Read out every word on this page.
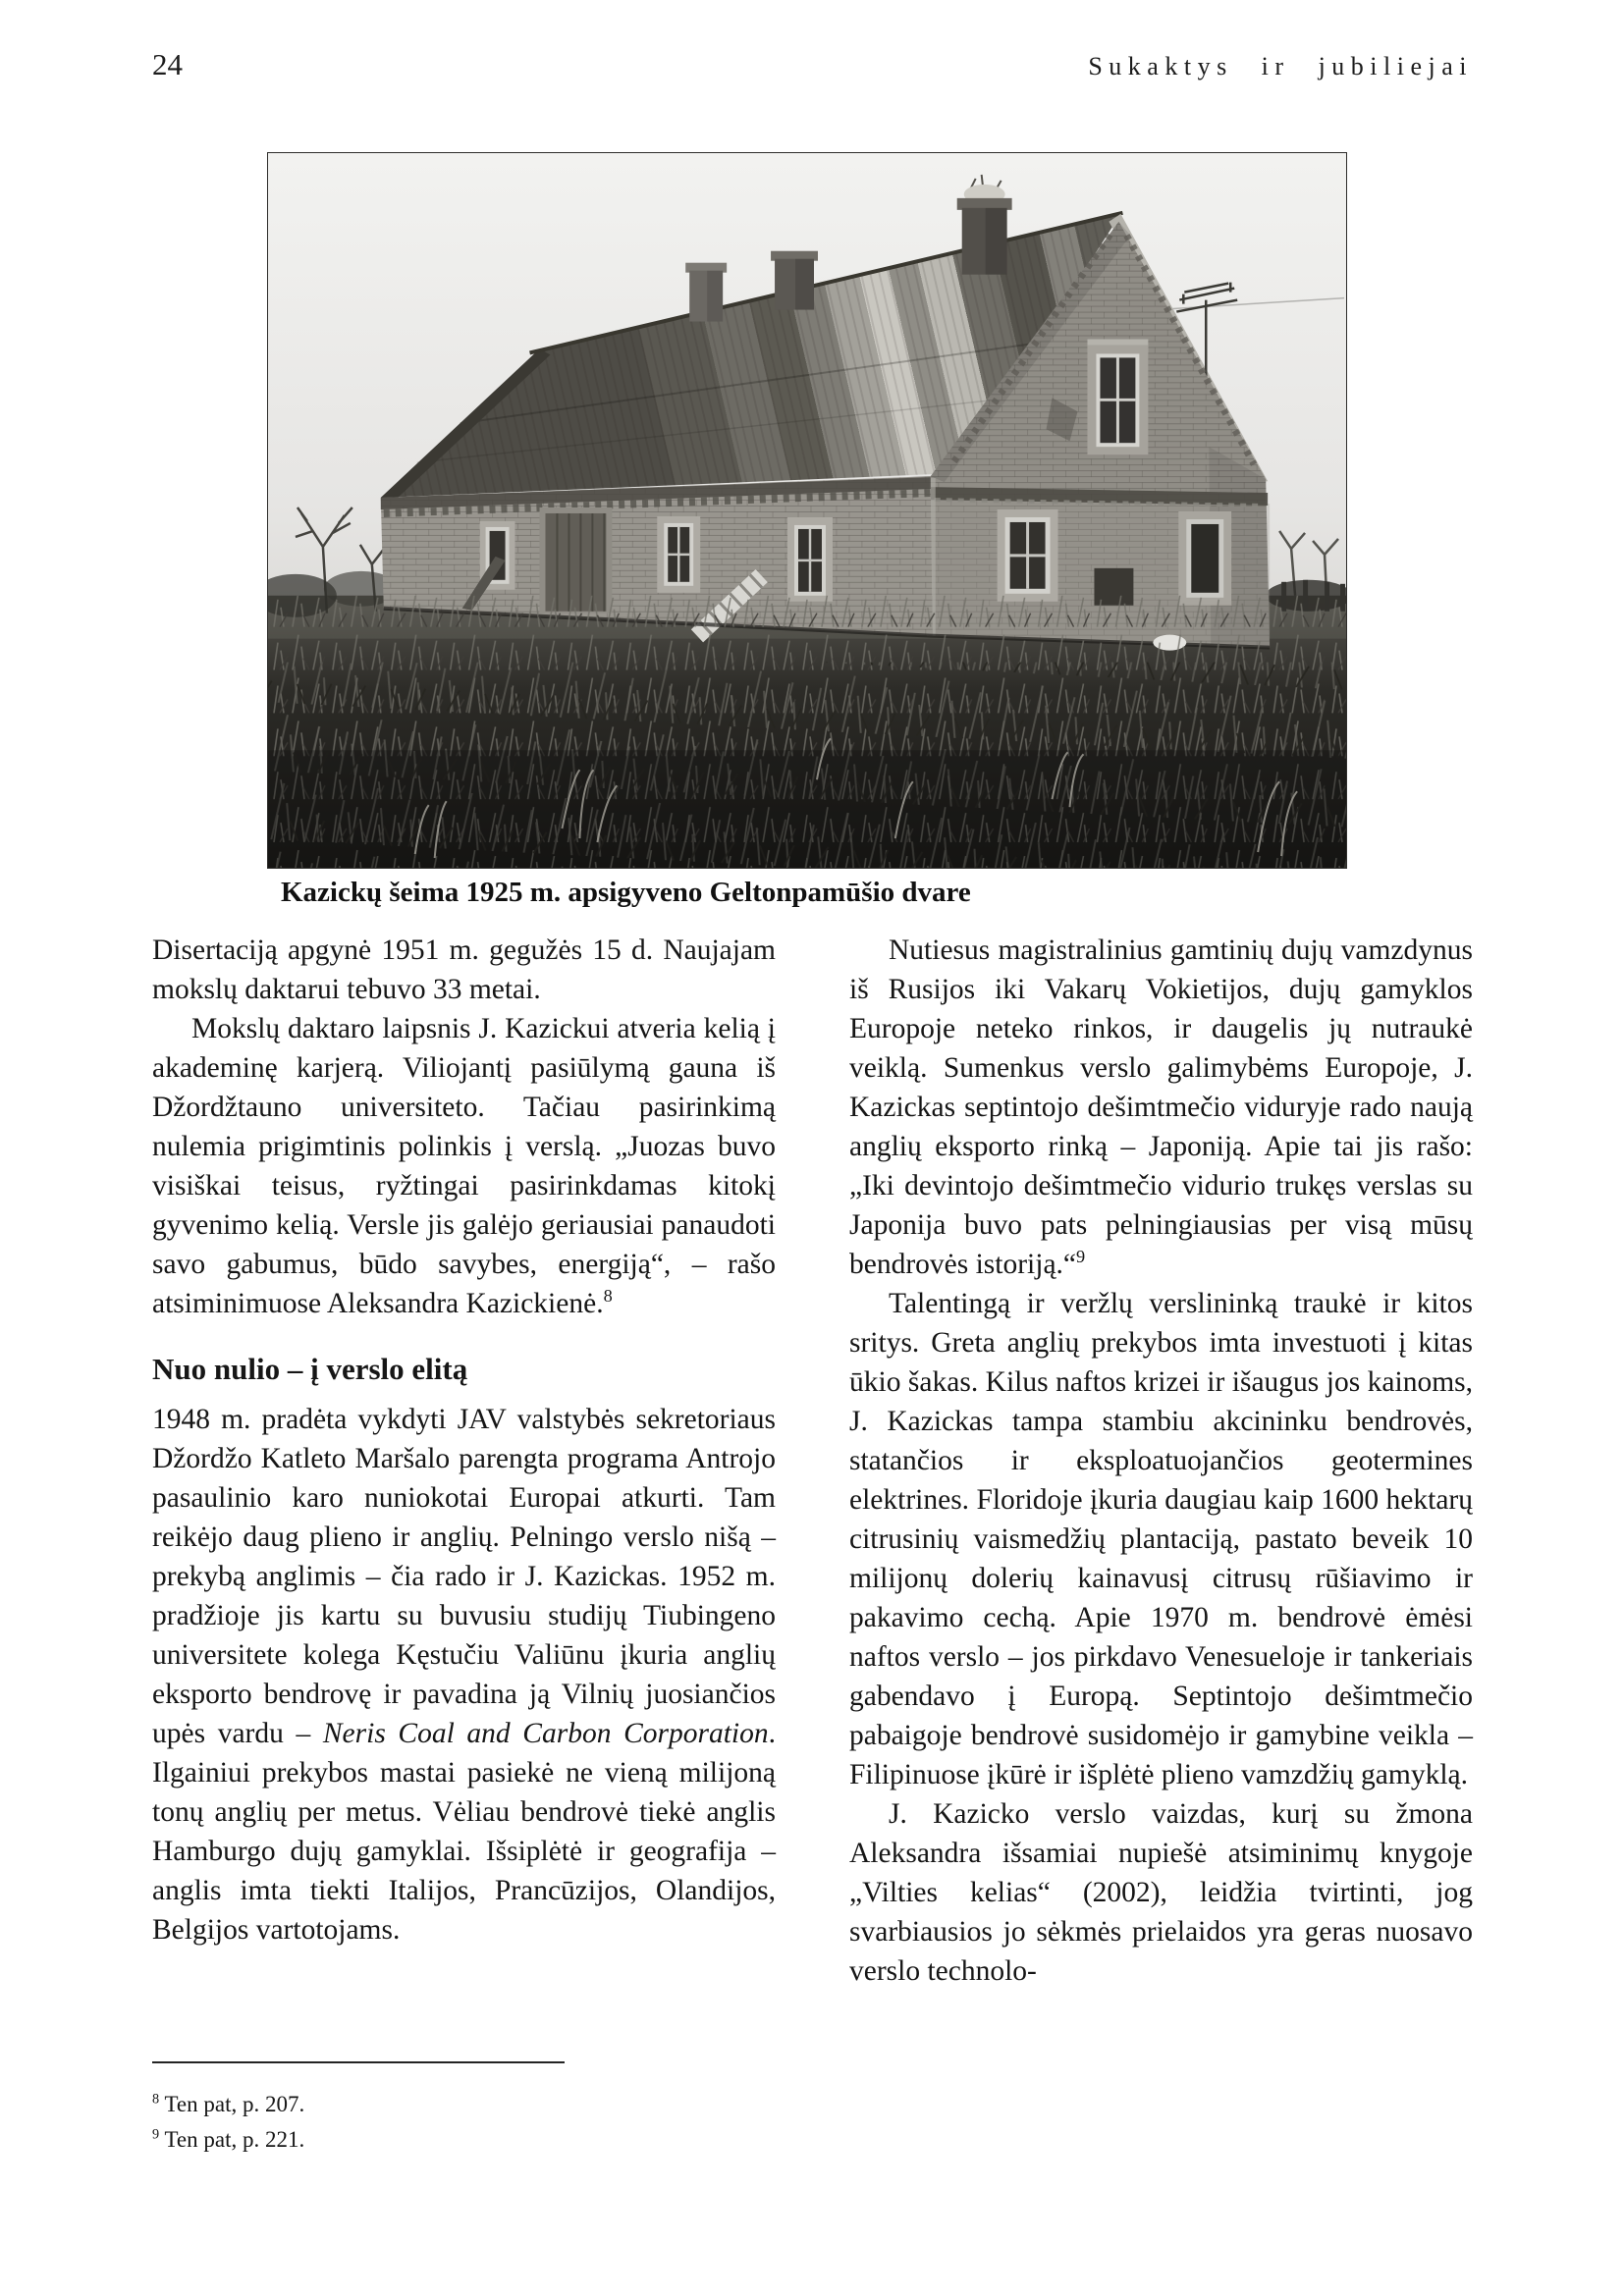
24	Sukaktys ir jubiliejai
Kazickų šeima 1925 m. apsigyveno Geltonpamūšio dvare

Disertaciją apgynė 1951 m. gegužės 15 d. Naujajam mokslų daktarui tebuvo 33 metai.

Mokslų daktaro laipsnis J. Kazickui atveria kelią į akademinę karjerą. Viliojantį pasiūlymą gauna iš Džordžtauno universiteto. Tačiau pasirinkimą nulemia prigimtinis polinkis į verslą. „Juozas buvo visiškai teisus, ryžtingai pasirinkdamas kitokį gyvenimo kelią. Versle jis galėjo geriausiai panaudoti savo gabumus, būdo savybes, energiją“, – rašo atsiminimuose Aleksandra Kazickienė.$^8$

Nuo nulio – į verslo elitą

1948 m. pradėta vykdyti JAV valstybės sekretoriaus Džordžo Katleto Maršalo parengta programa Antrojo pasaulinio karo nuniokotai Europai atkurti. Tam reikėjo daug plieno ir anglių. Pelningo verslo nišą – prekybą anglimis – čia rado ir J. Kazickas. 1952 m. pradžioje jis kartu su buvusiu studijų Tiubingeno universitete kolega Kęstučiu Valiūnu įkuria anglių eksporto bendrovę ir pavadina ją Vilnių juosiančios upės vardu – Neris Coal and Carbon Corporation. Ilgainiui prekybos mastai pasiekė ne vieną milijoną tonų anglių per metus. Vėliau bendrovė tiekė anglis Hamburgo dujų gamyklai. Išsiplėtė ir geografija – anglis imta tiekti Italijos, Prancūzijos, Olandijos, Belgijos vartotojams.

Nutiesus magistralinius gamtinių dujų vamzdynus iš Rusijos iki Vakarų Vokietijos, dujų gamyklos Europoje neteko rinkos, ir daugelis jų nutraukė veiklą. Sumenkus verslo galimybėms Europoje, J. Kazickas septintojo dešimtmečio viduryje rado naują anglių eksporto rinką – Japoniją. Apie tai jis rašo: „Iki devintojo dešimtmečio vidurio trukęs verslas su Japonija buvo pats pelningiausias per visą mūsų bendrovės istoriją.“$^9$

Talentingą ir veržlų verslininką traukė ir kitos sritys. Greta anglių prekybos imta investuoti į kitas ūkio šakas. Kilus naftos krizei ir išaugus jos kainoms, J. Kazickas tampa stambiu akcininku bendrovės, statančios ir eksploatuojančios geotermines elektrines. Floridoje įkuria daugiau kaip 1600 hektarų citrusinių vaismedžių plantaciją, pastato beveik 10 milijonų dolerių kainavusį citrusų rūšiavimo ir pakavimo cechą. Apie 1970 m. bendrovė ėmėsi naftos verslo – jos pirkdavo Venesueloje ir tankeriais gabendavo į Europą. Septintojo dešimtmečio pabaigoje bendrovė susidomėjo ir gamybine veikla – Filipinuose įkūrė ir išplėtė plieno vamzdžių gamyklą.

J. Kazicko verslo vaizdas, kurį su žmona Aleksandra išsamiai nupiešė atsiminimų knygoje „Vilties kelias“ (2002), leidžia tvirtinti, jog svarbiausios jo sėkmės prielaidos yra geras nuosavo verslo technolo-

$^8$ Ten pat, p. 207.
$^9$ Ten pat, p. 221.
